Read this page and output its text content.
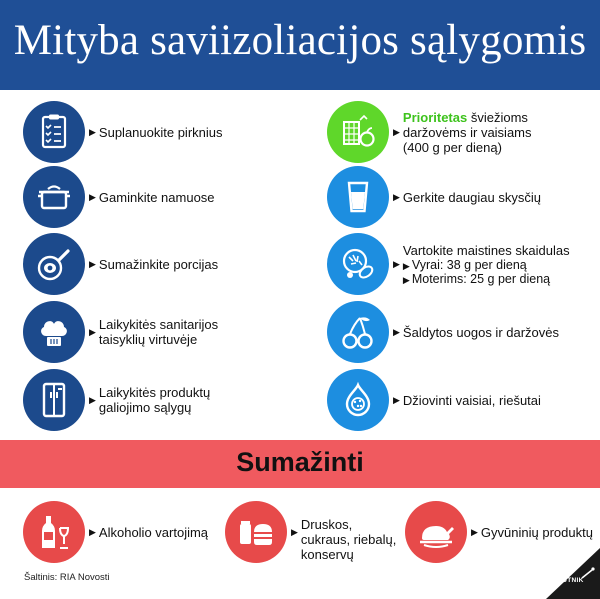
Mityba saviizoliacijos sąlygomis
▶ Suplanuokite pirknius
▶ Gaminkite namuose
▶ Sumažinkite porcijas
▶ Laikykitės sanitarijos
taisyklių virtuvėje
▶ Laikykitės produktų
galiojimo sąlygų
▶
Prioritetas šviežioms
daržovėms ir vaisiams
(400 g per dieną)
▶ Gerkite daugiau skysčių
▶
Vartokite maistines skaidulas
▶ Vyrai: 38 g per dieną
▶ Moterims: 25 g per dieną
▶ Šaldytos uogos ir daržovės
▶ Džiovinti vaisiai, riešutai
Sumažinti
▶ Alkoholio vartojimą	▶ Druskos,
cukraus, riebalų,
konservų
▶ Gyvūninių produktų
Šaltinis: RIA Novosti	SPUTNIK
